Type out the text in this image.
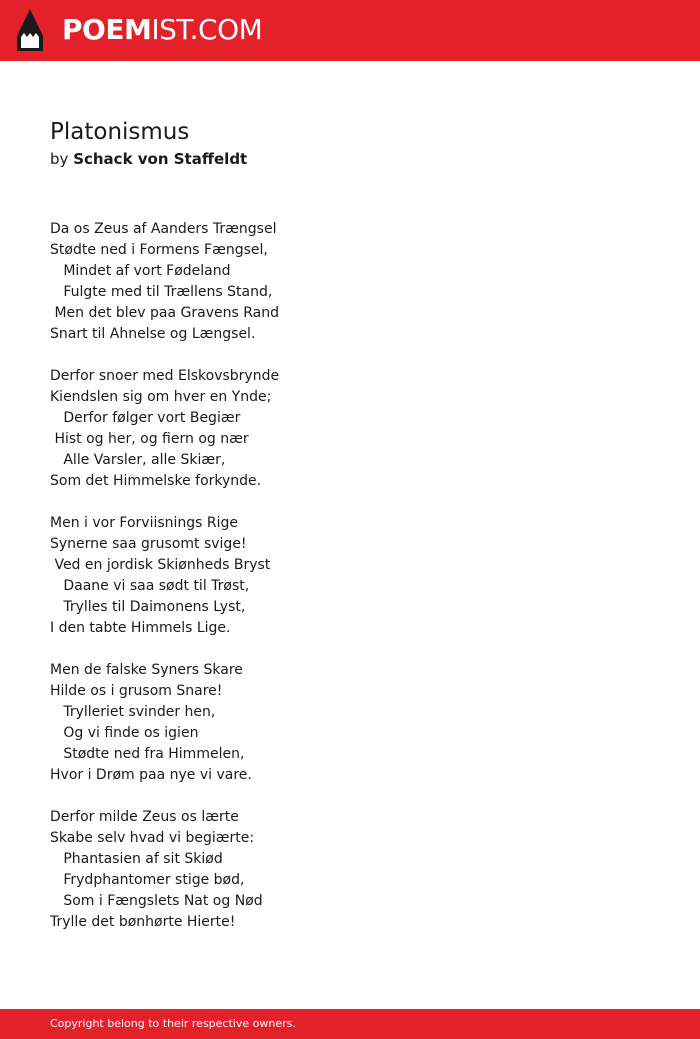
POEMIST.COM
Platonismus
by Schack von Staffeldt
Da os Zeus af Aanders Trængsel
Stødte ned i Formens Fængsel,
Mindet af vort Fødeland
Fulgte med til Trællens Stand,
Men det blev paa Gravens Rand
Snart til Ahnelse og Længsel.
Derfor snoer med Elskovsbrynde
Kiendslen sig om hver en Ynde;
Derfor følger vort Begiær
Hist og her, og fiern og nær
Alle Varsler, alle Skiær,
Som det Himmelske forkynde.
Men i vor Forviisnings Rige
Synerne saa grusomt svige!
Ved en jordisk Skiønheds Bryst
Daane vi saa sødt til Trøst,
Trylles til Daimonens Lyst,
I den tabte Himmels Lige.
Men de falske Syners Skare
Hilde os i grusom Snare!
Trylleriet svinder hen,
Og vi finde os igien
Stødte ned fra Himmelen,
Hvor i Drøm paa nye vi vare.
Derfor milde Zeus os lærte
Skabe selv hvad vi begiærte:
Phantasien af sit Skiød
Frydphantomer stige bød,
Som i Fængslets Nat og Nød
Trylle det bønhørte Hierte!
Copyright belong to their respective owners.
